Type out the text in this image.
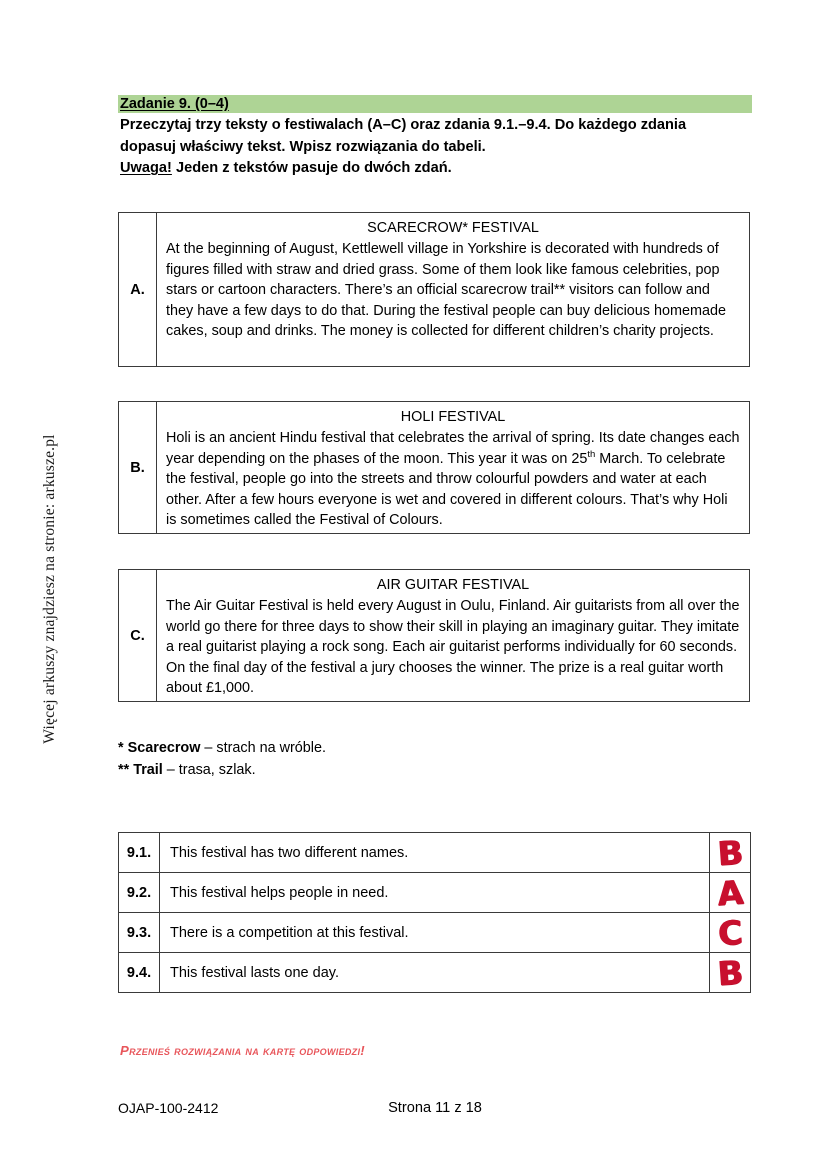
Więcej arkuszy znajdziesz na stronie: arkusze.pl
Zadanie 9. (0–4)
Przeczytaj trzy teksty o festiwalach (A–C) oraz zdania 9.1.–9.4. Do każdego zdania
dopasuj właściwy tekst. Wpisz rozwiązania do tabeli.
Uwaga! Jeden z tekstów pasuje do dwóch zdań.
A.
SCARECROW* FESTIVAL
At the beginning of August, Kettlewell village in Yorkshire is decorated with hundreds of figures filled with straw and dried grass. Some of them look like famous celebrities, pop stars or cartoon characters. There’s an official scarecrow trail** visitors can follow and they have a few days to do that. During the festival people can buy delicious homemade cakes, soup and drinks. The money is collected for different children’s charity projects.
B.
HOLI FESTIVAL
Holi is an ancient Hindu festival that celebrates the arrival of spring. Its date changes each year depending on the phases of the moon. This year it was on 25th March. To celebrate the festival, people go into the streets and throw colourful powders and water at each other. After a few hours everyone is wet and covered in different colours. That’s why Holi is sometimes called the Festival of Colours.
C.
AIR GUITAR FESTIVAL
The Air Guitar Festival is held every August in Oulu, Finland. Air guitarists from all over the world go there for three days to show their skill in playing an imaginary guitar. They imitate a real guitarist playing a rock song. Each air guitarist performs individually for 60 seconds. On the final day of the festival a jury chooses the winner. The prize is a real guitar worth about £1,000.
* Scarecrow – strach na wróble.
** Trail – trasa, szlak.
9.1.	This festival has two different names.	B

9.2.	This festival helps people in need.	A

9.3.	There is a competition at this festival.	C

9.4.	This festival lasts one day.	B
Przenieś rozwiązania na kartę odpowiedzi!
OJAP-100-2412	Strona 11 z 18
